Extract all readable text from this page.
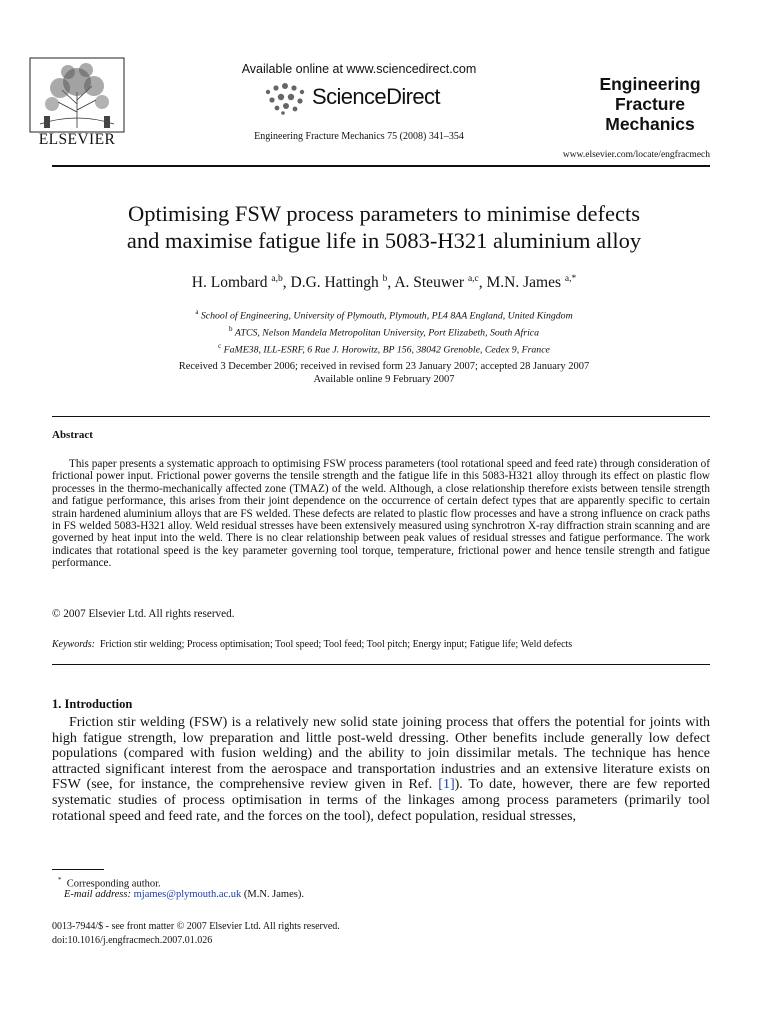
ELSEVIER
Available online at www.sciencedirect.com
ScienceDirect
Engineering Fracture Mechanics 75 (2008) 341–354
Engineering
Fracture
Mechanics
www.elsevier.com/locate/engfracmech
Optimising FSW process parameters to minimise defects
and maximise fatigue life in 5083-H321 aluminium alloy
H. Lombard $^{a,b}$, D.G. Hattingh $^b$, A. Steuwer $^{a,c}$, M.N. James $^{a,*}$
$^a$ School of Engineering, University of Plymouth, Plymouth, PL4 8AA England, United Kingdom
$^b$ ATCS, Nelson Mandela Metropolitan University, Port Elizabeth, South Africa
$^c$ FaME38, ILL-ESRF, 6 Rue J. Horowitz, BP 156, 38042 Grenoble, Cedex 9, France
Received 3 December 2006; received in revised form 23 January 2007; accepted 28 January 2007
Available online 9 February 2007
Abstract

This paper presents a systematic approach to optimising FSW process parameters (tool rotational speed and feed rate) through consideration of frictional power input. Frictional power governs the tensile strength and the fatigue life in this 5083-H321 alloy through its effect on plastic flow processes in the thermo-mechanically affected zone (TMAZ) of the weld. Although, a close relationship therefore exists between tensile strength and fatigue performance, this arises from their joint dependence on the occurrence of certain defect types that are apparently specific to certain strain hardened aluminium alloys that are FS welded. These defects are related to plastic flow processes and have a strong influence on crack paths in FS welded 5083-H321 alloy. Weld residual stresses have been extensively measured using synchrotron X-ray diffraction strain scanning and are governed by heat input into the weld. There is no clear relationship between peak values of residual stresses and fatigue performance. The work indicates that rotational speed is the key parameter governing tool torque, temperature, frictional power and hence tensile strength and fatigue performance.

© 2007 Elsevier Ltd. All rights reserved.
Keywords: Friction stir welding; Process optimisation; Tool speed; Tool feed; Tool pitch; Energy input; Fatigue life; Weld defects
1. Introduction

Friction stir welding (FSW) is a relatively new solid state joining process that offers the potential for joints with high fatigue strength, low preparation and little post-weld dressing. Other benefits include generally low defect populations (compared with fusion welding) and the ability to join dissimilar metals. The technique has hence attracted significant interest from the aerospace and transportation industries and an extensive literature exists on FSW (see, for instance, the comprehensive review given in Ref. [1]). To date, however, there are few reported systematic studies of process optimisation in terms of the linkages among process parameters (primarily tool rotational speed and feed rate, and the forces on the tool), defect population, residual stresses,

* Corresponding author.
E-mail address: mjames@plymouth.ac.uk (M.N. James).
0013-7944/$ - see front matter © 2007 Elsevier Ltd. All rights reserved.
doi:10.1016/j.engfracmech.2007.01.026
